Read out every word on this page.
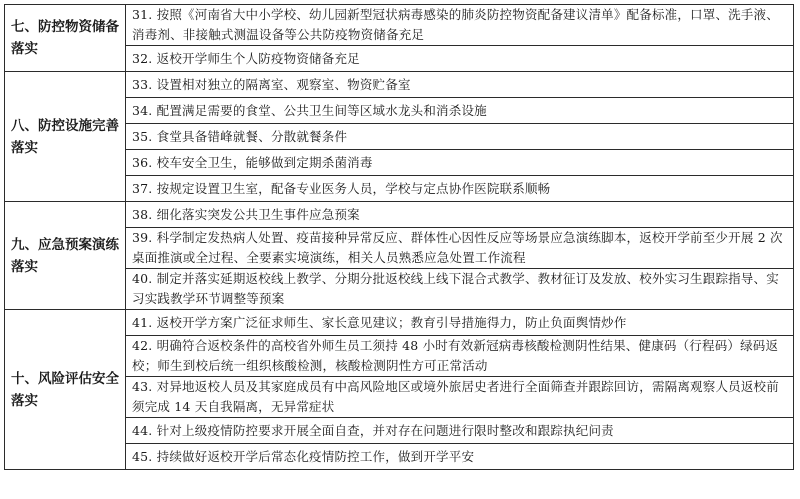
七、防控物资储备落实	31. 按照《河南省大中小学校、幼儿园新型冠状病毒感染的肺炎防控物资配备建议清单》配备标准，口罩、洗手液、消毒剂、非接触式测温设备等公共防疫物资储备充足
	32. 返校开学师生个人防疫物资储备充足
八、防控设施完善落实	33. 设置相对独立的隔离室、观察室、物资贮备室
	34. 配置满足需要的食堂、公共卫生间等区域水龙头和消杀设施
	35. 食堂具备错峰就餐、分散就餐条件
	36. 校车安全卫生，能够做到定期杀菌消毒
	37. 按规定设置卫生室，配备专业医务人员，学校与定点协作医院联系顺畅
九、应急预案演练落实	38. 细化落实突发公共卫生事件应急预案
	39. 科学制定发热病人处置、疫苗接种异常反应、群体性心因性反应等场景应急演练脚本，返校开学前至少开展 2 次桌面推演或全过程、全要素实境演练，相关人员熟悉应急处置工作流程
	40. 制定并落实延期返校线上教学、分期分批返校线上线下混合式教学、教材征订及发放、校外实习生跟踪指导、实习实践教学环节调整等预案
十、风险评估安全落实	41. 返校开学方案广泛征求师生、家长意见建议；教育引导措施得力，防止负面舆情炒作
	42. 明确符合返校条件的高校省外师生员工须持 48 小时有效新冠病毒核酸检测阴性结果、健康码（行程码）绿码返校；师生到校后统一组织核酸检测，核酸检测阴性方可正常活动
	43. 对异地返校人员及其家庭成员有中高风险地区或境外旅居史者进行全面筛查并跟踪回访，需隔离观察人员返校前须完成 14 天自我隔离，无异常症状
	44. 针对上级疫情防控要求开展全面自查，并对存在问题进行限时整改和跟踪执纪问责
	45. 持续做好返校开学后常态化疫情防控工作，做到开学平安
